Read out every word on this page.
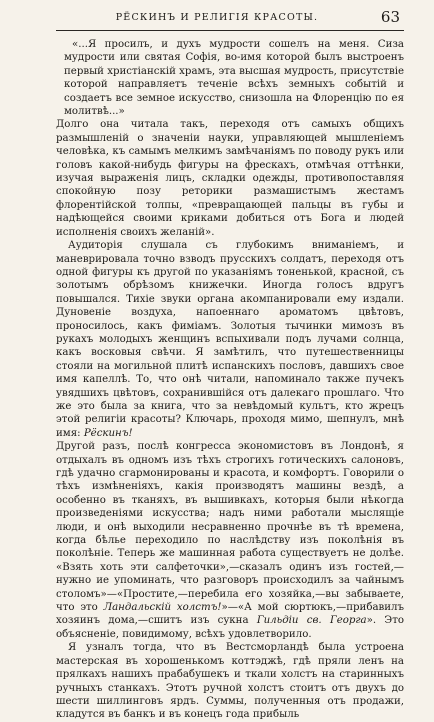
РЁСКИНЪ И РЕЛИГІЯ КРАСОТЫ.	63

«...Я просилъ, и духъ мудрости сошелъ на меня. Сиза мудрости или святая Софія, во-имя которой былъ выстроенъ первый христіанскій храмъ, эта высшая мудрость, присутствіе которой направляетъ теченіе всѣхъ земныхъ событій и создаетъ все земное искусство, снизошла на Флоренцію по ея молитвѣ...»

Долго она читала такъ, переходя отъ самыхъ общихъ размышленій о значеніи науки, управляющей мышленіемъ человѣка, къ самымъ мелкимъ замѣчаніямъ по поводу рукъ или головъ какой-нибудь фигуры на фрескахъ, отмѣчая оттѣнки, изучая выраженія лицъ, складки одежды, противопоставляя спокойную позу реторики размашистымъ жестамъ флорентійской толпы, «превращающей пальцы въ губы и надѣющейся своими криками добиться отъ Бога и людей исполненія своихъ желаній».

Аудиторія слушала съ глубокимъ вниманіемъ, и маневрировала точно взводъ прусскихъ солдатъ, переходя отъ одной фигуры къ другой по указаніямъ тоненькой, красной, съ золотымъ обрѣзомъ книжечки. Иногда голосъ вдругъ повышался. Тихіе звуки органа акомпанировали ему издали. Дуновеніе воздуха, напоеннаго ароматомъ цвѣтовъ, проносилось, какъ фиміамъ. Золотыя тычинки мимозъ въ рукахъ молодыхъ женщинъ вспыхивали подъ лучами солнца, какъ восковыя свѣчи. Я замѣтилъ, что путешественницы стояли на могильной плитѣ испанскихъ пословъ, давшихъ свое имя капеллѣ. То, что онѣ читали, напоминало также пучекъ увядшихъ цвѣтовъ, сохранившійся отъ далекаго прошлаго. Что же это была за книга, что за невѣдомый культъ, кто жрецъ этой религіи красоты? Ключарь, проходя мимо, шепнулъ, мнѣ имя: Рёскинъ!

Другой разъ, послѣ конгресса экономистовъ въ Лондонѣ, я отдыхалъ въ одномъ изъ тѣхъ строгихъ готическихъ салоновъ, гдѣ удачно сгармонированы и красота, и комфортъ. Говорили о тѣхъ измѣненіяхъ, какія производятъ машины вездѣ, а особенно въ тканяхъ, въ вышивкахъ, которыя были нѣкогда произведеніями искусства; надъ ними работали мыслящіе люди, и онѣ выходили несравненно прочнѣе въ тѣ времена, когда бѣлье переходило по наслѣдству изъ поколѣнія въ поколѣніе. Теперь же машинная работа существуетъ не долѣе. «Взять хоть эти салфеточки»,—сказалъ одинъ изъ гостей,—нужно ие упоминать, что разговоръ происходилъ за чайнымъ столомъ»—«Простите,—перебила его хозяйка,—вы забываете, что это Ландальскій холстъ!»—«А мой сюртюкъ,—прибавилъ хозяинъ дома,—сшитъ изъ сукна Гильдіи св. Георга». Это объясненіе, повидимому, всѣхъ удовлетворило.

Я узналъ тогда, что въ Вестсморландѣ была устроена мастерская въ хорошенькомъ коттэджѣ, гдѣ пряли ленъ на прялкахъ нашихъ прабабушекъ и ткали холстъ на старинныхъ ручныхъ станкахъ. Этотъ ручной холстъ стоитъ отъ двухъ до шести шиллинговъ ярдъ. Суммы, полученныя отъ продажи, кладутся въ банкъ и въ конецъ года прибыль
